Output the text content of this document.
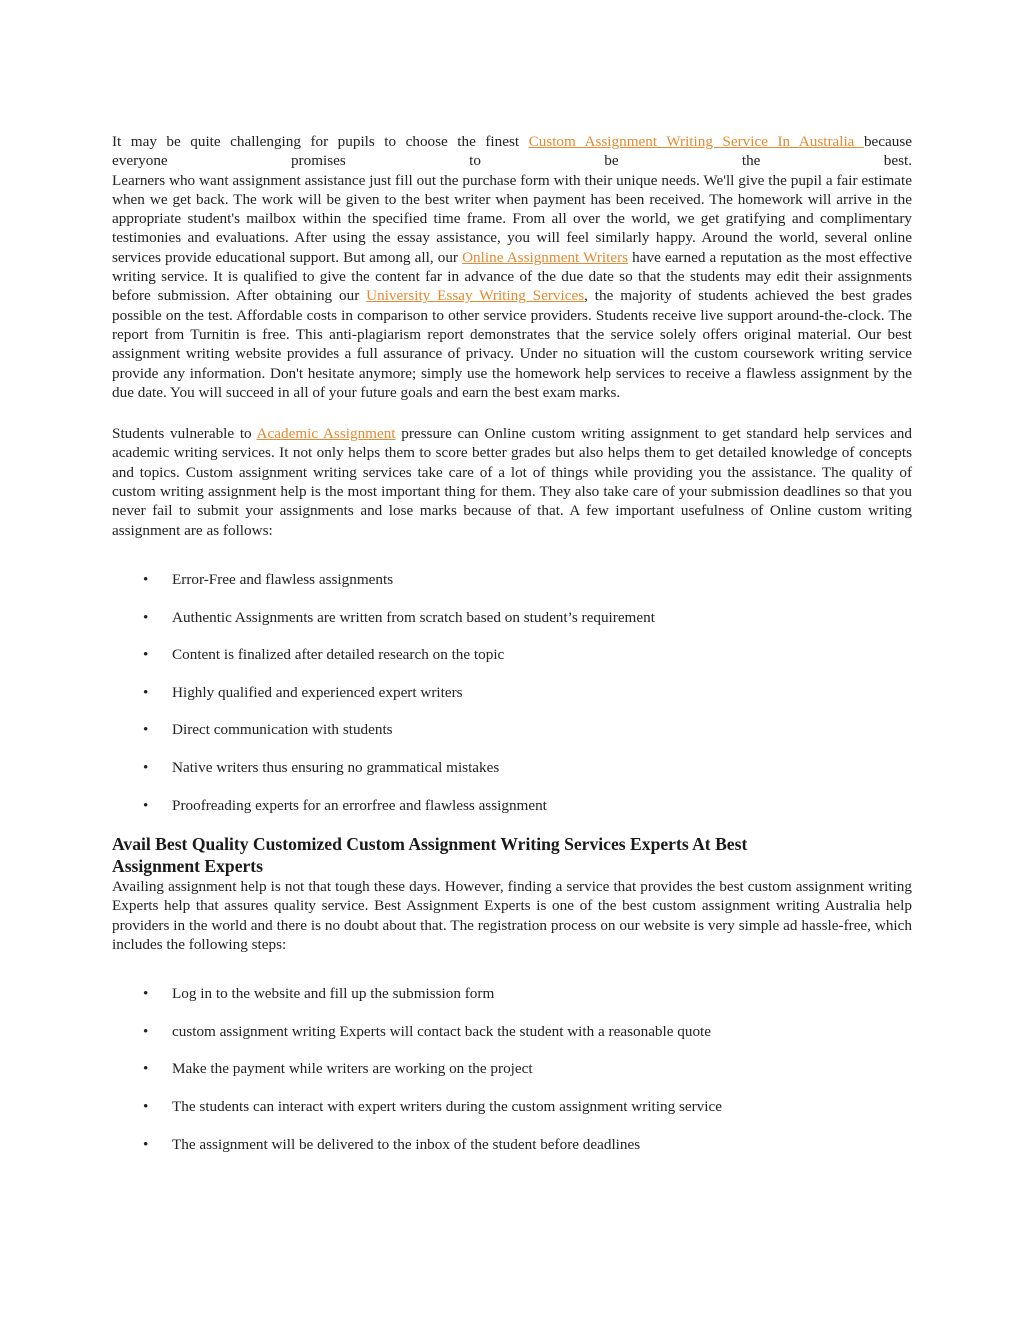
It may be quite challenging for pupils to choose the finest Custom Assignment Writing Service In Australia because
everyone promises to be the best.

Learners who want assignment assistance just fill out the purchase form with their unique needs. We'll give the pupil a fair estimate when we get back. The work will be given to the best writer when payment has been received. The homework will arrive in the appropriate student's mailbox within the specified time frame. From all over the world, we get gratifying and complimentary testimonies and evaluations. After using the essay assistance, you will feel similarly happy. Around the world, several online services provide educational support. But among all, our Online Assignment Writers have earned a reputation as the most effective writing service. It is qualified to give the content far in advance of the due date so that the students may edit their assignments before submission. After obtaining our University Essay Writing Services, the majority of students achieved the best grades possible on the test. Affordable costs in comparison to other service providers. Students receive live support around-the-clock. The report from Turnitin is free. This anti-plagiarism report demonstrates that the service solely offers original material. Our best assignment writing website provides a full assurance of privacy. Under no situation will the custom coursework writing service provide any information. Don't hesitate anymore; simply use the homework help services to receive a flawless assignment by the due date. You will succeed in all of your future goals and earn the best exam marks.

Students vulnerable to Academic Assignment pressure can Online custom writing assignment to get standard help services and academic writing services. It not only helps them to score better grades but also helps them to get detailed knowledge of concepts and topics. Custom assignment writing services take care of a lot of things while providing you the assistance. The quality of custom writing assignment help is the most important thing for them. They also take care of your submission deadlines so that you never fail to submit your assignments and lose marks because of that. A few important usefulness of Online custom writing assignment are as follows:

• Error-Free and flawless assignments
• Authentic Assignments are written from scratch based on student’s requirement
• Content is finalized after detailed research on the topic
• Highly qualified and experienced expert writers
• Direct communication with students
• Native writers thus ensuring no grammatical mistakes
• Proofreading experts for an errorfree and flawless assignment
Avail Best Quality Customized Custom Assignment Writing Services Experts At Best Assignment Experts

Availing assignment help is not that tough these days. However, finding a service that provides the best custom assignment writing Experts help that assures quality service. Best Assignment Experts is one of the best custom assignment writing Australia help providers in the world and there is no doubt about that. The registration process on our website is very simple ad hassle-free, which includes the following steps:

• Log in to the website and fill up the submission form
• custom assignment writing Experts will contact back the student with a reasonable quote
• Make the payment while writers are working on the project
• The students can interact with expert writers during the custom assignment writing service
• The assignment will be delivered to the inbox of the student before deadlines
